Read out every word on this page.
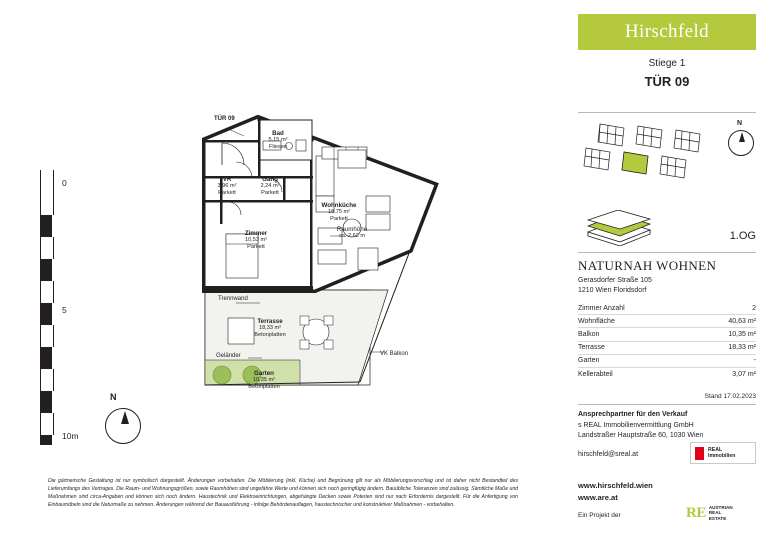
0
5
10m
N
TÜR 09
Bad
5,15 m²
Fliesen
VR
3,96 m²
Parkett
Gang
2,24 m²
Parkett
Wohnküche
18,75 m²
Parkett
Zimmer
10,53 m²
Parkett
Terrasse
18,33 m²
Betonplatten
Garten
10,35 m²
Betonplatten
Raumhöhe
ca. 2,62 m
Trennwand
Geländer	VK Balkon
Die gärtnerische Gestaltung ist nur symbolisch dargestellt. Änderungen vorbehalten. Die Möblierung (inkl. Küche) und Begrünung gilt nur als Möblierungsvorschlag und ist daher nicht Bestandteil des Lieferumfangs des Vertrages. Die Raum- und Wohnungsgrößen, sowie Raumhöhen sind ungefähre Werte und können sich noch geringfügig ändern. Bauübliche Toleranzen sind zulässig. Sämtliche Maße und Maßnahmen sind circa-Angaben und können sich noch ändern. Haustechnik und Elektroeinrichtungen, abgehängte Decken sowie Poterien sind nur nach Erfordernis dargestellt. Für die Anfertigung von Einbaumöbeln sind die Naturmaße zu nehmen. Änderungen während der Bauausführung - infolge Behördenauflagen, haustechnischer und konstruktiver Maßnahmen - vorbehalten.
Hirschfeld
Stiege 1
TÜR 09
N
1.OG
NATURNAH WOHNEN
Gerasdorfer Straße 105
1210 Wien Floridsdorf
Zimmer Anzahl	2
Wohnfläche	40,63 m²
Balkon	10,35 m²
Terrasse	18,33 m²
Garten	-
Kellerabteil	3,07 m²
Stand 17.02.2023
Ansprechpartner für den Verkauf
s REAL Immobilienvermittlung GmbH
Landstraßer Hauptstraße 60, 1030 Wien
hirschfeld@sreal.at
REAL
Immobilien
www.hirschfeld.wien
www.are.at
Ein Projekt der	RE AUSTRIAN
REAL
ESTATE
